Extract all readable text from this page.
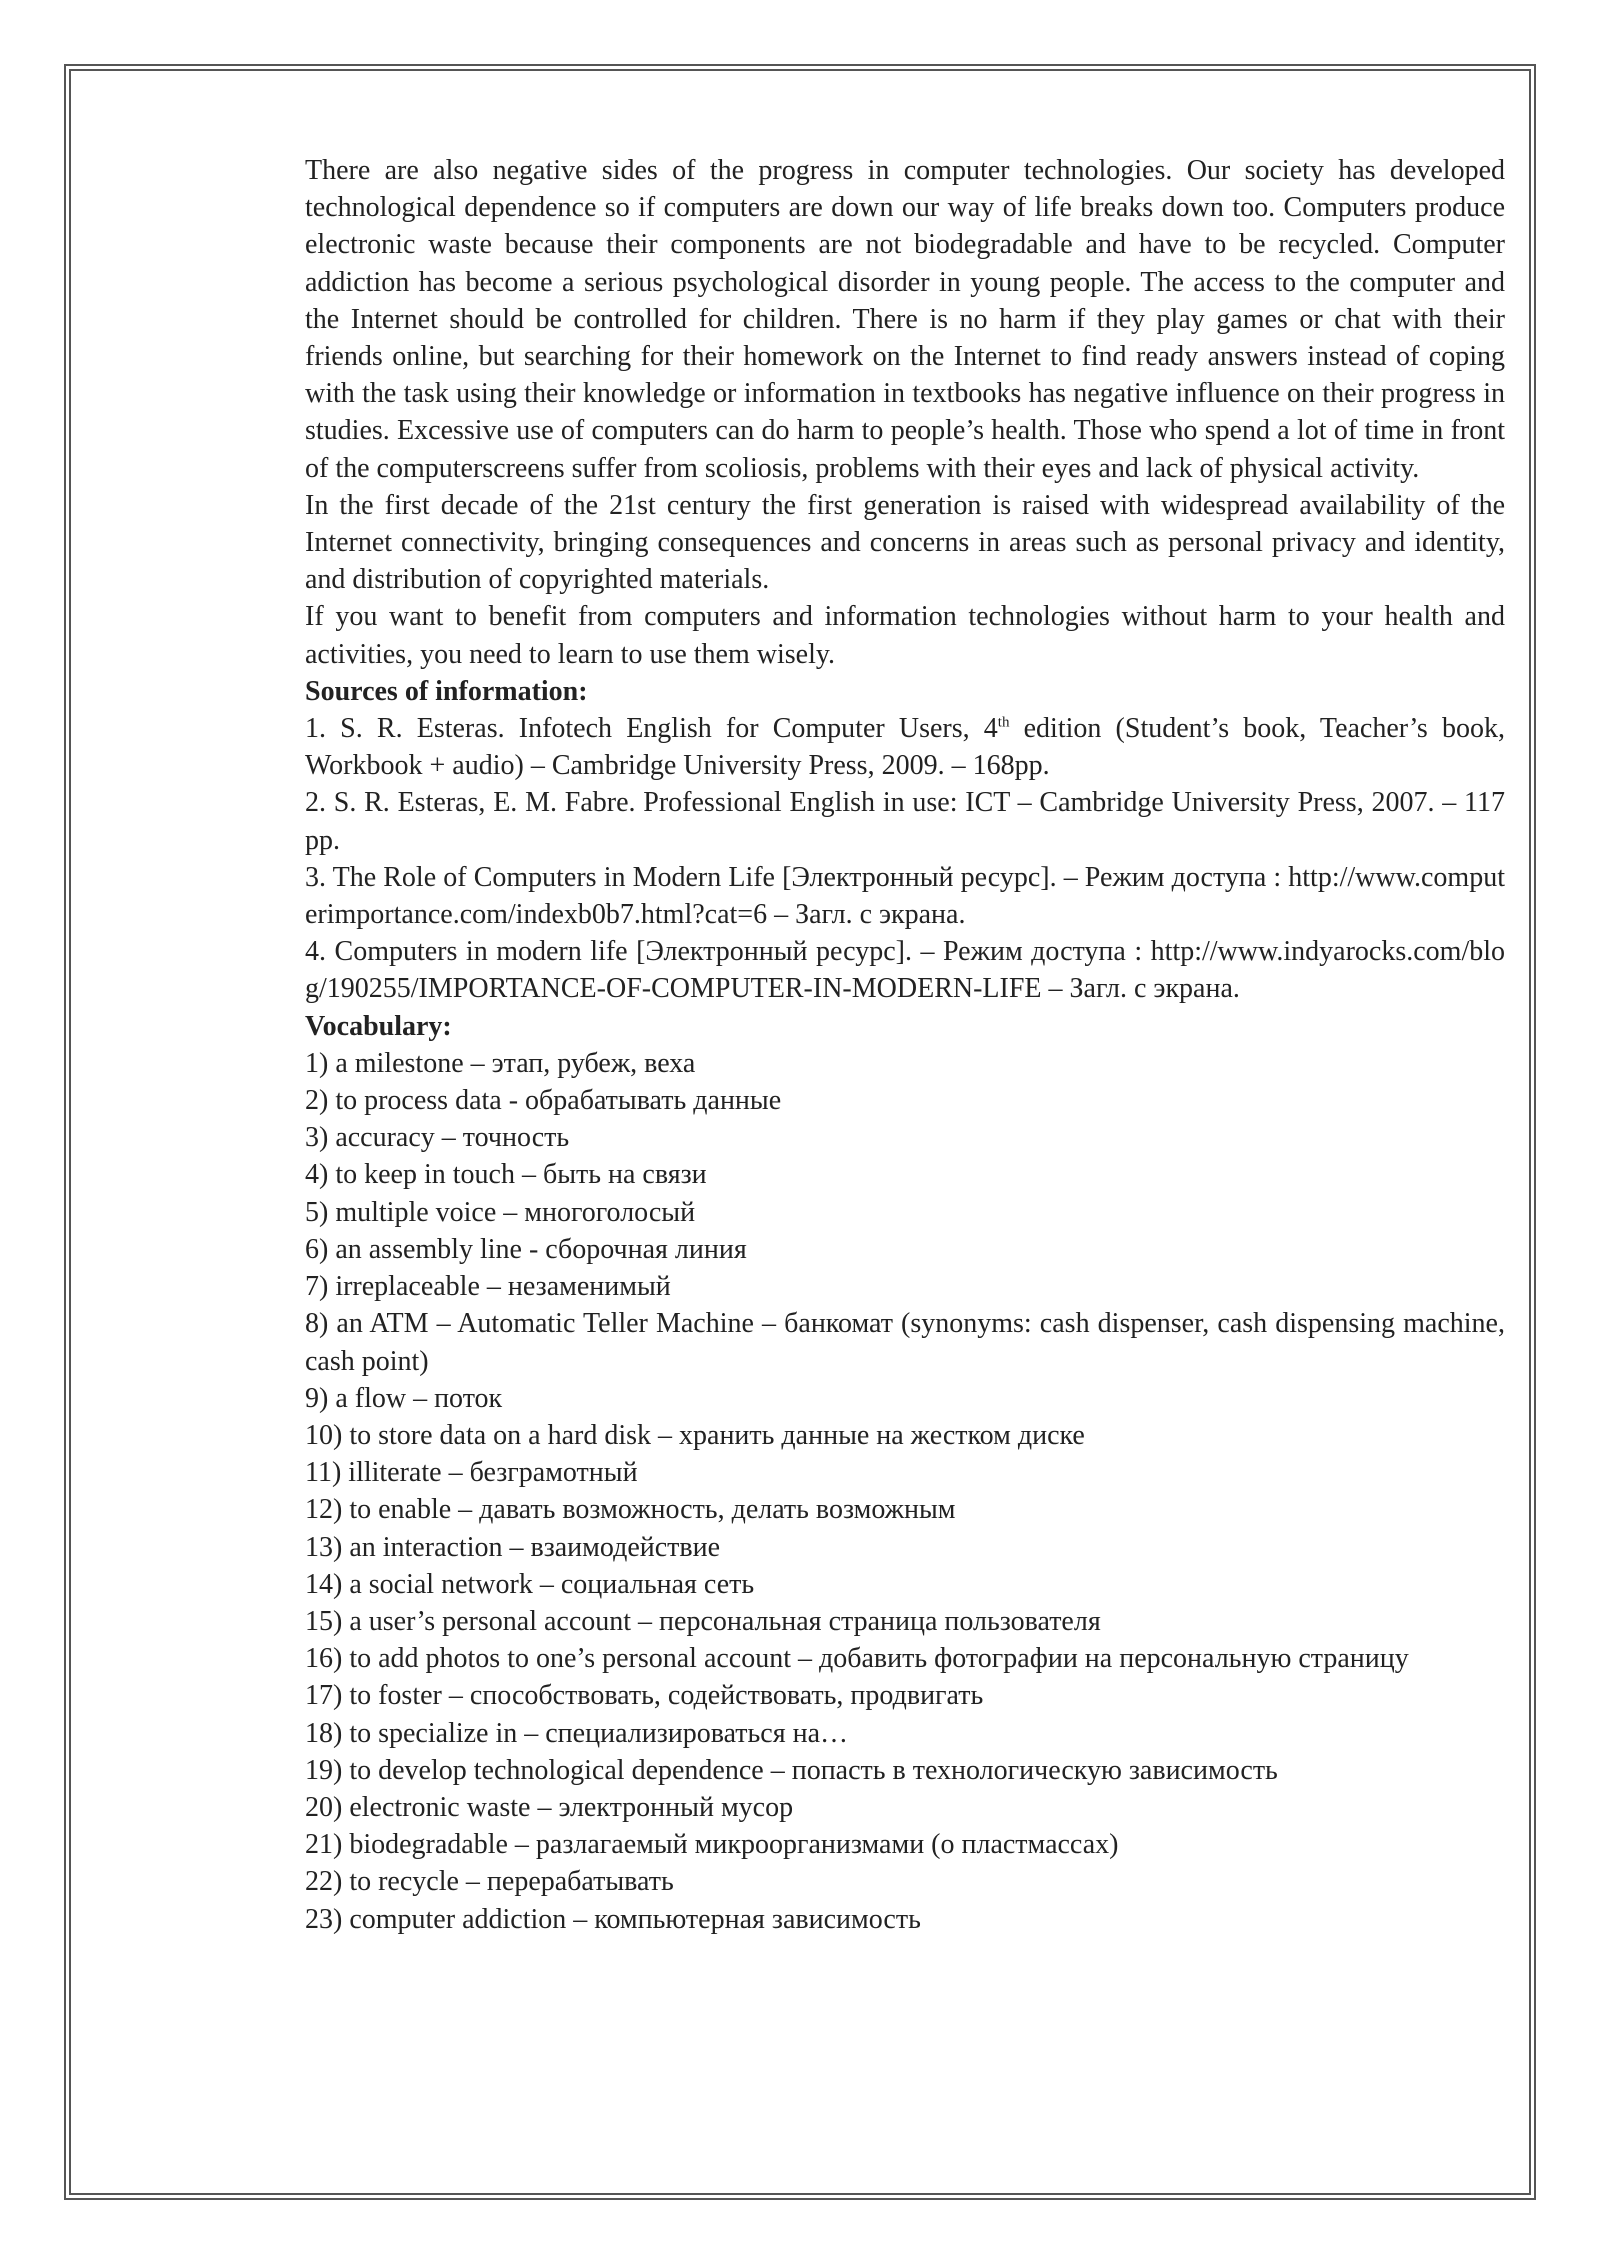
There are also negative sides of the progress in computer technologies. Our society has developed technological dependence so if computers are down our way of life breaks down too. Computers produce electronic waste because their components are not biodegradable and have to be recycled. Computer addiction has become a serious psychological disorder in young people. The access to the computer and the Internet should be controlled for children. There is no harm if they play games or chat with their friends online, but searching for their homework on the Internet to find ready answers instead of coping with the task using their knowledge or information in textbooks has negative influence on their progress in studies. Excessive use of computers can do harm to people’s health. Those who spend a lot of time in front of the computerscreens suffer from scoliosis, problems with their eyes and lack of physical activity.

In the first decade of the 21st century the first generation is raised with widespread availability of the Internet connectivity, bringing consequences and concerns in areas such as personal privacy and identity, and distribution of copyrighted materials.

If you want to benefit from computers and information technologies without harm to your health and activities, you need to learn to use them wisely.

Sources of information:

1. S. R. Esteras. Infotech English for Computer Users, 4th edition (Student’s book, Teacher’s book, Workbook + audio) – Cambridge University Press, 2009. – 168pp.

2. S. R. Esteras, E. M. Fabre. Professional English in use: ICT – Cambridge University Press, 2007. – 117 pp.

3. The Role of Computers in Modern Life [Электронный ресурс]. – Режим доступа : http://www.computerimportance.com/indexb0b7.html?cat=6 – Загл. с экрана.

4. Computers in modern life [Электронный ресурс]. – Режим доступа : http://www.indyarocks.com/blog/190255/IMPORTANCE-OF-COMPUTER-IN-MODERN-LIFE – Загл. с экрана.

Vocabulary:

1) a milestone – этап, рубеж, веха

2) to process data - обрабатывать данные

3) accuracy – точность

4) to keep in touch – быть на связи

5) multiple voice – многоголосый

6) an assembly line - сборочная линия

7) irreplaceable – незаменимый

8) an ATM – Automatic Teller Machine – банкомат (synonyms: cash dispenser, cash dispensing machine, cash point)

9) a flow – поток

10) to store data on a hard disk – хранить данные на жестком диске

11) illiterate – безграмотный

12) to enable – давать возможность, делать возможным

13) an interaction – взаимодействие

14) a social network – социальная сеть

15) a user’s personal account – персональная страница пользователя

16) to add photos to one’s personal account – добавить фотографии на персональную страницу

17) to foster – способствовать, содействовать, продвигать

18) to specialize in – специализироваться на…

19) to develop technological dependence – попасть в технологическую зависимость

20) electronic waste – электронный мусор

21) biodegradable – разлагаемый микроорганизмами (о пластмассах)

22) to recycle – перерабатывать

23) computer addiction – компьютерная зависимость
